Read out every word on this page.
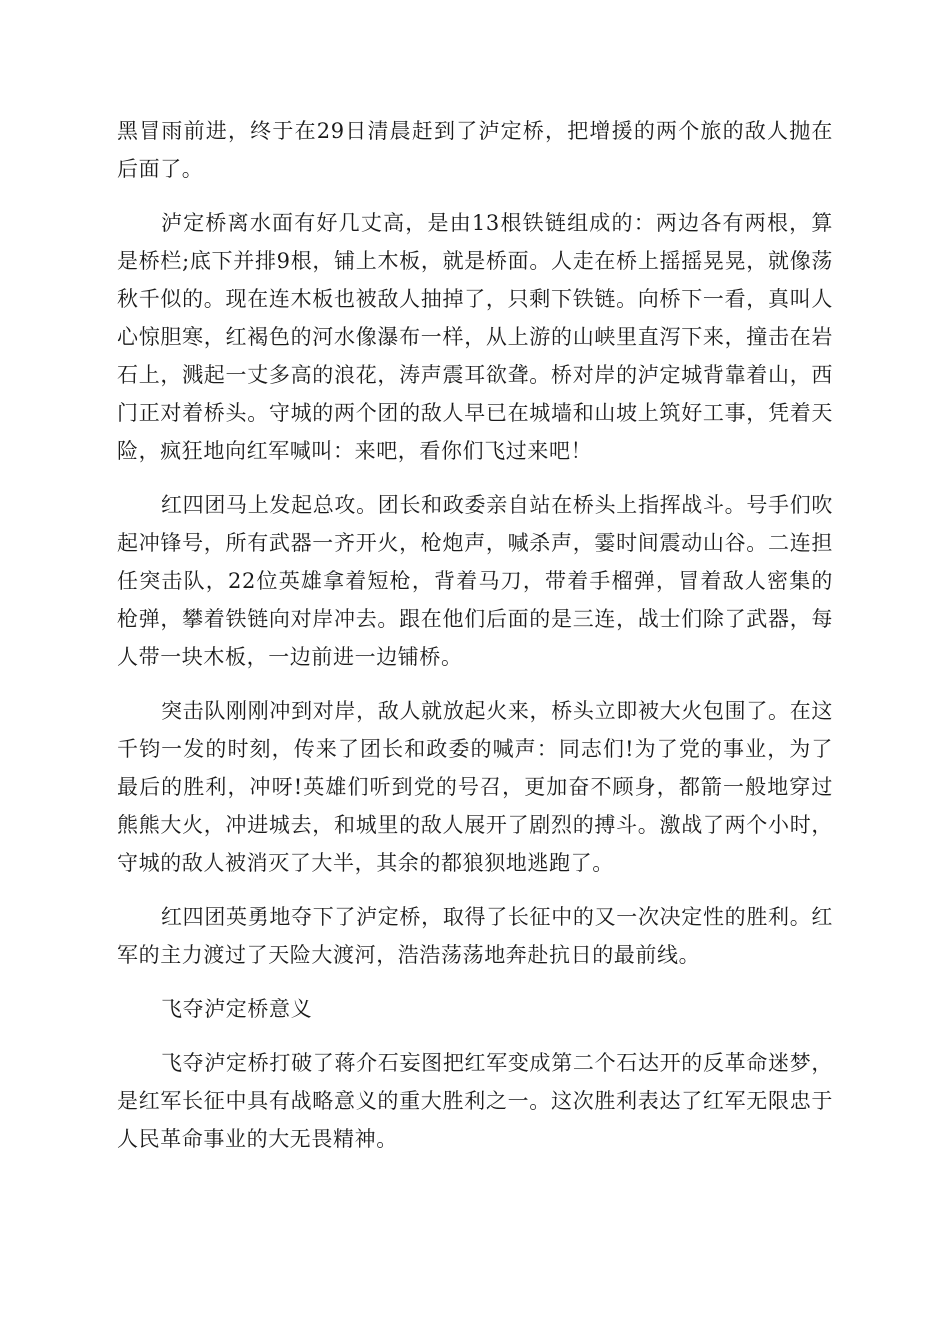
黑冒雨前进，终于在29日清晨赶到了泸定桥，把增援的两个旅的敌人抛在后面了。

泸定桥离水面有好几丈高，是由13根铁链组成的：两边各有两根，算是桥栏;底下并排9根，铺上木板，就是桥面。人走在桥上摇摇晃晃，就像荡秋千似的。现在连木板也被敌人抽掉了，只剩下铁链。向桥下一看，真叫人心惊胆寒，红褐色的河水像瀑布一样，从上游的山峡里直泻下来，撞击在岩石上，溅起一丈多高的浪花，涛声震耳欲聋。桥对岸的泸定城背靠着山，西门正对着桥头。守城的两个团的敌人早已在城墙和山坡上筑好工事，凭着天险，疯狂地向红军喊叫：来吧，看你们飞过来吧！

红四团马上发起总攻。团长和政委亲自站在桥头上指挥战斗。号手们吹起冲锋号，所有武器一齐开火，枪炮声，喊杀声，霎时间震动山谷。二连担任突击队，22位英雄拿着短枪，背着马刀，带着手榴弹，冒着敌人密集的枪弹，攀着铁链向对岸冲去。跟在他们后面的是三连，战士们除了武器，每人带一块木板，一边前进一边铺桥。

突击队刚刚冲到对岸，敌人就放起火来，桥头立即被大火包围了。在这千钧一发的时刻，传来了团长和政委的喊声：同志们!为了党的事业，为了最后的胜利，冲呀!英雄们听到党的号召，更加奋不顾身，都箭一般地穿过熊熊大火，冲进城去，和城里的敌人展开了剧烈的搏斗。激战了两个小时，守城的敌人被消灭了大半，其余的都狼狈地逃跑了。

红四团英勇地夺下了泸定桥，取得了长征中的又一次决定性的胜利。红军的主力渡过了天险大渡河，浩浩荡荡地奔赴抗日的最前线。

飞夺泸定桥意义

飞夺泸定桥打破了蒋介石妄图把红军变成第二个石达开的反革命迷梦，是红军长征中具有战略意义的重大胜利之一。这次胜利表达了红军无限忠于人民革命事业的大无畏精神。
